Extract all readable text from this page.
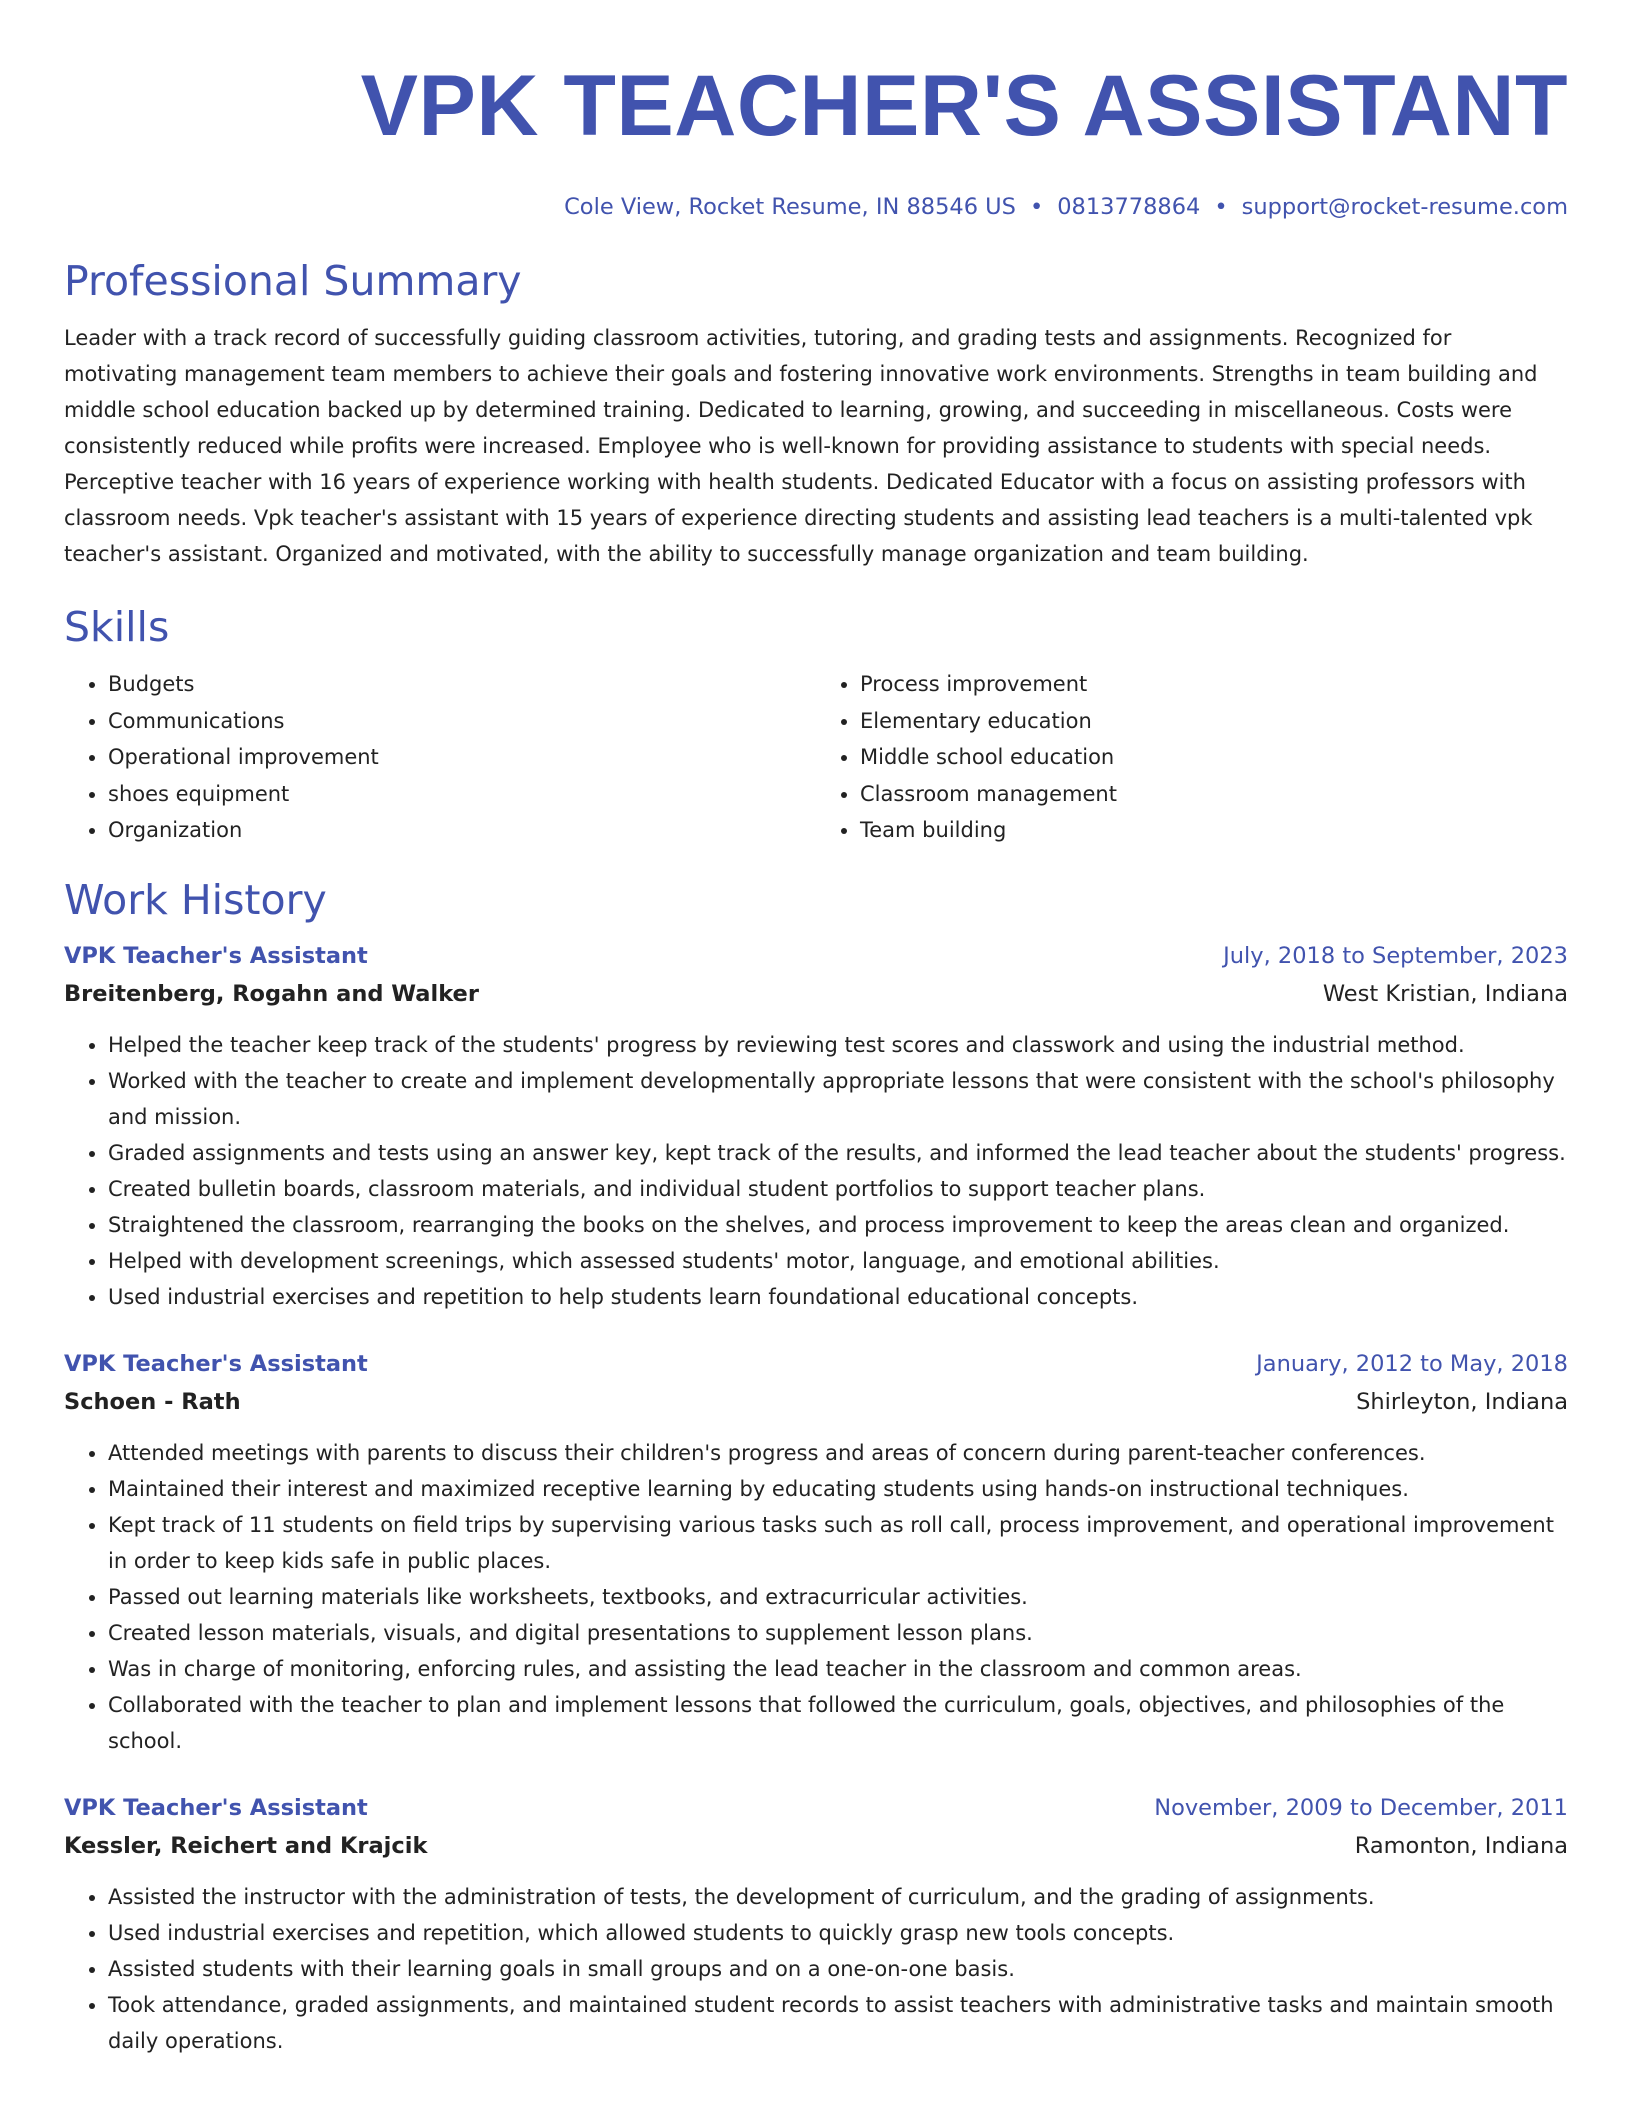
VPK TEACHER'S ASSISTANT
Cole View, Rocket Resume, IN 88546 US • 0813778864 • support@rocket-resume.com
Professional Summary

Leader with a track record of successfully guiding classroom activities, tutoring, and grading tests and assignments. Recognized for motivating management team members to achieve their goals and fostering innovative work environments. Strengths in team building and middle school education backed up by determined training. Dedicated to learning, growing, and succeeding in miscellaneous. Costs were consistently reduced while profits were increased. Employee who is well-known for providing assistance to students with special needs. Perceptive teacher with 16 years of experience working with health students. Dedicated Educator with a focus on assisting professors with classroom needs. Vpk teacher's assistant with 15 years of experience directing students and assisting lead teachers is a multi-talented vpk teacher's assistant. Organized and motivated, with the ability to successfully manage organization and team building.

Skills
• Budgets
• Communications
• Operational improvement
• shoes equipment
• Organization
• Process improvement
• Elementary education
• Middle school education
• Classroom management
• Team building
Work History
VPK Teacher's Assistant	July, 2018 to September, 2023
Breitenberg, Rogahn and Walker	West Kristian, Indiana
• Helped the teacher keep track of the students' progress by reviewing test scores and classwork and using the industrial method.
• Worked with the teacher to create and implement developmentally appropriate lessons that were consistent with the school's philosophy and mission.
• Graded assignments and tests using an answer key, kept track of the results, and informed the lead teacher about the students' progress.
• Created bulletin boards, classroom materials, and individual student portfolios to support teacher plans.
• Straightened the classroom, rearranging the books on the shelves, and process improvement to keep the areas clean and organized.
• Helped with development screenings, which assessed students' motor, language, and emotional abilities.
• Used industrial exercises and repetition to help students learn foundational educational concepts.
VPK Teacher's Assistant	January, 2012 to May, 2018
Schoen - Rath	Shirleyton, Indiana
• Attended meetings with parents to discuss their children's progress and areas of concern during parent-teacher conferences.
• Maintained their interest and maximized receptive learning by educating students using hands-on instructional techniques.
• Kept track of 11 students on field trips by supervising various tasks such as roll call, process improvement, and operational improvement in order to keep kids safe in public places.
• Passed out learning materials like worksheets, textbooks, and extracurricular activities.
• Created lesson materials, visuals, and digital presentations to supplement lesson plans.
• Was in charge of monitoring, enforcing rules, and assisting the lead teacher in the classroom and common areas.
• Collaborated with the teacher to plan and implement lessons that followed the curriculum, goals, objectives, and philosophies of the school.
VPK Teacher's Assistant	November, 2009 to December, 2011
Kessler, Reichert and Krajcik	Ramonton, Indiana
• Assisted the instructor with the administration of tests, the development of curriculum, and the grading of assignments.
• Used industrial exercises and repetition, which allowed students to quickly grasp new tools concepts.
• Assisted students with their learning goals in small groups and on a one-on-one basis.
• Took attendance, graded assignments, and maintained student records to assist teachers with administrative tasks and maintain smooth daily operations.
